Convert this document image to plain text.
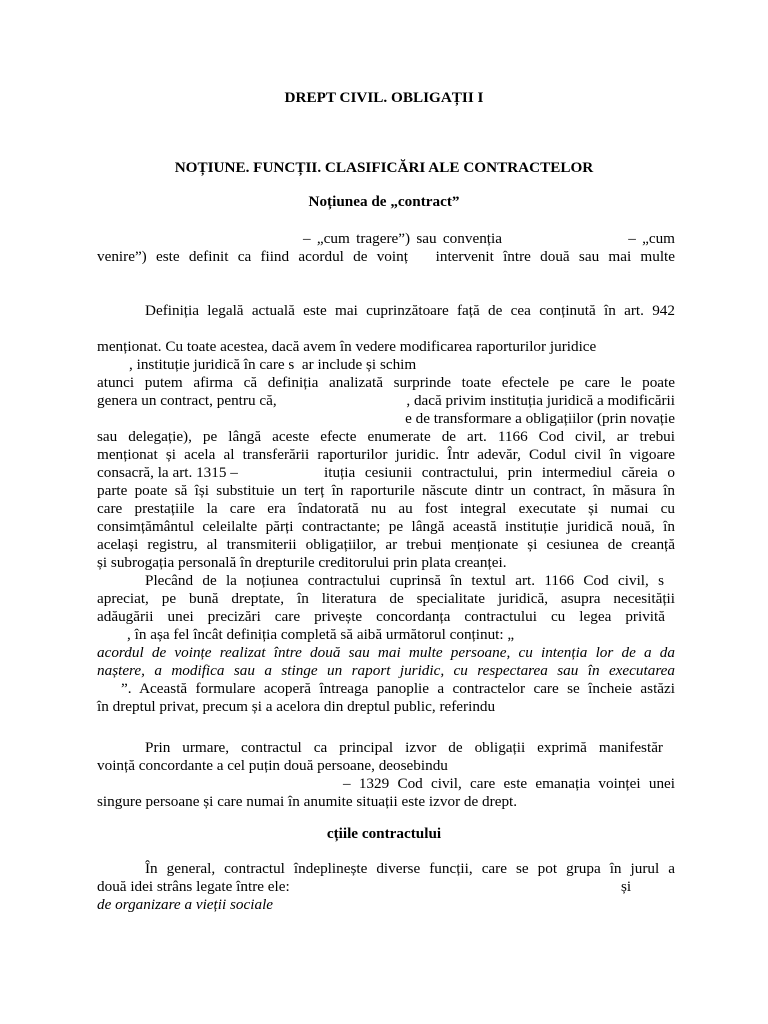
DREPT CIVIL. OBLIGAȚII I
NOȚIUNE. FUNCȚII. CLASIFICĂRI ALE CONTRACTELOR
Noțiunea de „contract”
– „cum tragere”) sau convenția                    – „cum
venire”) este definit ca fiind acordul de voinț   intervenit între două sau mai multe
Definiția legală actuală este mai cuprinzătoare față de cea conținută în art. 942
menționat. Cu toate acestea, dacă avem în vedere modificarea raporturilor juridice
, instituție juridică în care s  ar include și schim
atunci putem afirma că definiția analizată surprinde toate efectele pe care le poate
genera un contract, pentru că,	, dacă privim instituția juridică a modificării
e de transformare a obligațiilor (prin novație
sau delegație), pe lângă aceste efecte enumerate de art. 1166 Cod civil, ar trebui
menționat și acela al transferării raporturilor juridic. Într adevăr, Codul civil în vigoare
consacră, la art. 1315 –	ituția cesiunii contractului, prin intermediul căreia o
parte poate să își substituie un terț în raporturile născute dintr un contract, în măsura în
care prestațiile la care era îndatorată nu au fost integral executate și numai cu
consimțământul celeilalte părți contractante; pe lângă această instituție juridică nouă, în
același registru, al transmiterii obligațiilor, ar trebui menționate și cesiunea de creanță
și subrogația personală în drepturile creditorului prin plata creanței.
Plecând de la noțiunea contractului cuprinsă în textul art. 1166 Cod civil, s
apreciat, pe bună dreptate, în literatura de specialitate juridică, asupra necesității
adăugării unei precizări care privește concordanța contractului cu legea privită
, în așa fel încât definiția completă să aibă următorul conținut: „
acordul de voințe realizat între două sau mai multe persoane, cu intenția lor de a da
naștere, a modifica sau a stinge un raport juridic, cu respectarea sau în executarea
”. Această formulare acoperă întreaga panoplie a contractelor care se încheie astăzi
în dreptul privat, precum și a acelora din dreptul public, referindu
Prin urmare, contractul ca principal izvor de obligații exprimă manifestăr
voință concordante a cel puțin două persoane, deosebindu
– 1329 Cod civil, care este emanația voinței unei
singure persoane și care numai în anumite situații este izvor de drept.
cțiile contractului
În general, contractul îndeplinește diverse funcții, care se pot grupa în jurul a
două idei strâns legate între ele:	și
de organizare a vieții sociale
